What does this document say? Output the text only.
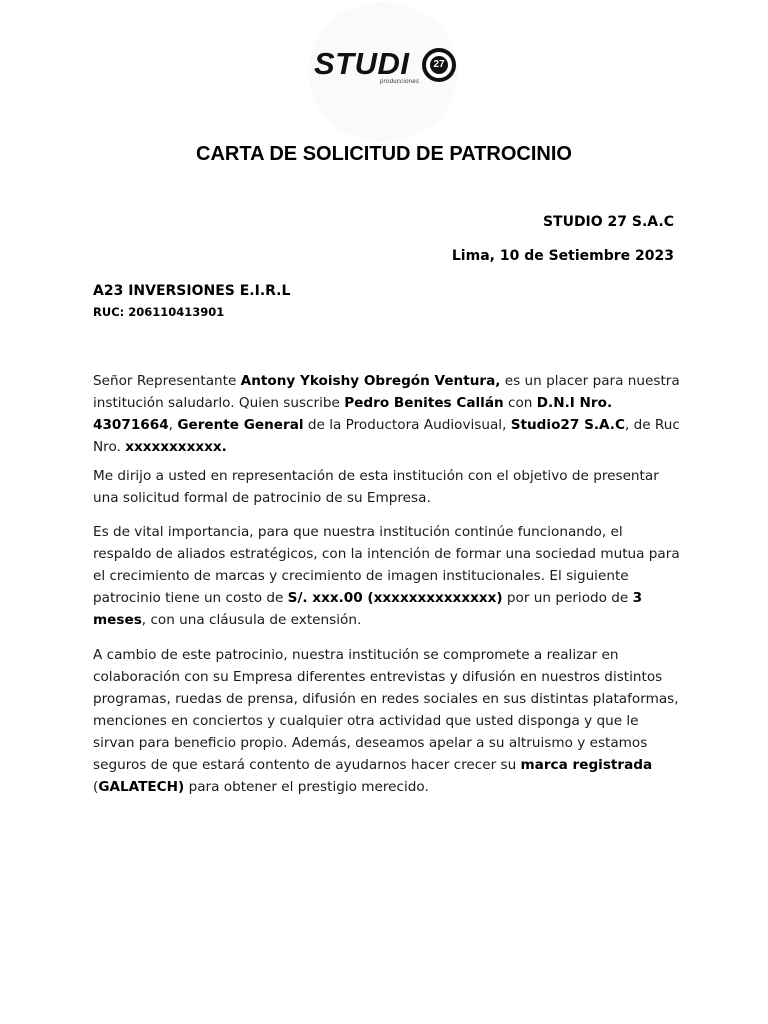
STUDI	27
producciones
CARTA DE SOLICITUD DE PATROCINIO
STUDIO 27 S.A.C
Lima, 10 de Setiembre 2023
A23 INVERSIONES E.I.R.L
RUC: 206110413901

Señor Representante Antony Ykoishy Obregón Ventura, es un placer para nuestra institución saludarlo. Quien suscribe Pedro Benites Callán con D.N.I Nro. 43071664, Gerente General de la Productora Audiovisual, Studio27 S.A.C, de Ruc Nro. xxxxxxxxxxx.

Me dirijo a usted en representación de esta institución con el objetivo de presentar una solicitud formal de patrocinio de su Empresa.

Es de vital importancia, para que nuestra institución continúe funcionando, el respaldo de aliados estratégicos, con la intención de formar una sociedad mutua para el crecimiento de marcas y crecimiento de imagen institucionales. El siguiente patrocinio tiene un costo de S/. xxx.00 (xxxxxxxxxxxxxx) por un periodo de 3 meses, con una cláusula de extensión.

A cambio de este patrocinio, nuestra institución se compromete a realizar en colaboración con su Empresa diferentes entrevistas y difusión en nuestros distintos programas, ruedas de prensa, difusión en redes sociales en sus distintas plataformas, menciones en conciertos y cualquier otra actividad que usted disponga y que le sirvan para beneficio propio. Además, deseamos apelar a su altruismo y estamos seguros de que estará contento de ayudarnos hacer crecer su marca registrada (GALATECH) para obtener el prestigio merecido.
